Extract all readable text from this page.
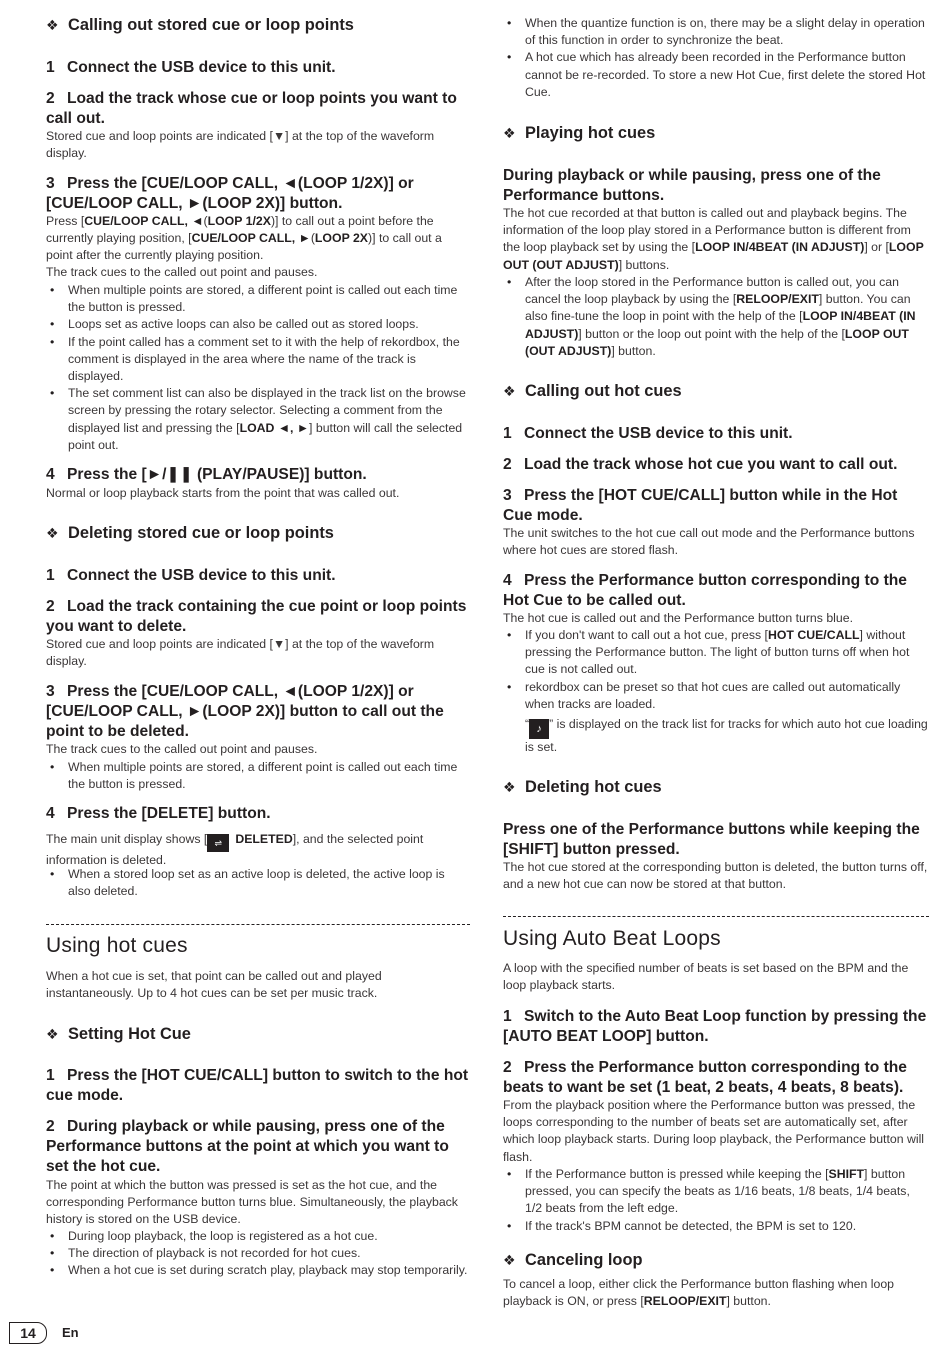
❖ Calling out stored cue or loop points
1 Connect the USB device to this unit.
2 Load the track whose cue or loop points you want to call out.
Stored cue and loop points are indicated [▼] at the top of the waveform display.
3 Press the [CUE/LOOP CALL, ◄(LOOP 1/2X)] or [CUE/LOOP CALL, ►(LOOP 2X)] button.
Press [CUE/LOOP CALL, ◄(LOOP 1/2X)] to call out a point before the currently playing position, [CUE/LOOP CALL, ►(LOOP 2X)] to call out a point after the currently playing position.
The track cues to the called out point and pauses.
• When multiple points are stored, a different point is called out each time the button is pressed.
• Loops set as active loops can also be called out as stored loops.
• If the point called has a comment set to it with the help of rekordbox, the comment is displayed in the area where the name of the track is displayed.
• The set comment list can also be displayed in the track list on the browse screen by pressing the rotary selector. Selecting a comment from the displayed list and pressing the [LOAD ◄, ►] button will call the selected point out.
4 Press the [►/❚❚ (PLAY/PAUSE)] button.
Normal or loop playback starts from the point that was called out.
❖ Deleting stored cue or loop points
1 Connect the USB device to this unit.
2 Load the track containing the cue point or loop points you want to delete.
Stored cue and loop points are indicated [▼] at the top of the waveform display.
3 Press the [CUE/LOOP CALL, ◄(LOOP 1/2X)] or [CUE/LOOP CALL, ►(LOOP 2X)] button to call out the point to be deleted.
The track cues to the called out point and pauses.
• When multiple points are stored, a different point is called out each time the button is pressed.
4 Press the [DELETE] button.
The main unit display shows [ ⇌ DELETED], and the selected point information is deleted.
• When a stored loop set as an active loop is deleted, the active loop is also deleted.
Using hot cues
When a hot cue is set, that point can be called out and played instantaneously. Up to 4 hot cues can be set per music track.
❖ Setting Hot Cue
1 Press the [HOT CUE/CALL] button to switch to the hot cue mode.
2 During playback or while pausing, press one of the Performance buttons at the point at which you want to set the hot cue.
The point at which the button was pressed is set as the hot cue, and the corresponding Performance button turns blue. Simultaneously, the playback history is stored on the USB device.
• During loop playback, the loop is registered as a hot cue.
• The direction of playback is not recorded for hot cues.
• When a hot cue is set during scratch play, playback may stop temporarily.
• When the quantize function is on, there may be a slight delay in operation of this function in order to synchronize the beat.
• A hot cue which has already been recorded in the Performance button cannot be re-recorded. To store a new Hot Cue, first delete the stored Hot Cue.
❖ Playing hot cues
During playback or while pausing, press one of the Performance buttons.
The hot cue recorded at that button is called out and playback begins. The information of the loop play stored in a Performance button is different from the loop playback set by using the [LOOP IN/4BEAT (IN ADJUST)] or [LOOP OUT (OUT ADJUST)] buttons.
• After the loop stored in the Performance button is called out, you can cancel the loop playback by using the [RELOOP/EXIT] button. You can also fine-tune the loop in point with the help of the [LOOP IN/4BEAT (IN ADJUST)] button or the loop out point with the help of the [LOOP OUT (OUT ADJUST)] button.
❖ Calling out hot cues
1 Connect the USB device to this unit.
2 Load the track whose hot cue you want to call out.
3 Press the [HOT CUE/CALL] button while in the Hot Cue mode.
The unit switches to the hot cue call out mode and the Performance buttons where hot cues are stored flash.
4 Press the Performance button corresponding to the Hot Cue to be called out.
The hot cue is called out and the Performance button turns blue.
• If you don't want to call out a hot cue, press [HOT CUE/CALL] without pressing the Performance button. The light of button turns off when hot cue is not called out.
• rekordbox can be preset so that hot cues are called out automatically when tracks are loaded.
“ ♪ ” is displayed on the track list for tracks for which auto hot cue loading is set.
❖ Deleting hot cues
Press one of the Performance buttons while keeping the [SHIFT] button pressed.
The hot cue stored at the corresponding button is deleted, the button turns off, and a new hot cue can now be stored at that button.
Using Auto Beat Loops
A loop with the specified number of beats is set based on the BPM and the loop playback starts.
1 Switch to the Auto Beat Loop function by pressing the [AUTO BEAT LOOP] button.
2 Press the Performance button corresponding to the beats to want be set (1 beat, 2 beats, 4 beats, 8 beats).
From the playback position where the Performance button was pressed, the loops corresponding to the number of beats set are automatically set, after which loop playback starts. During loop playback, the Performance button will flash.
• If the Performance button is pressed while keeping the [SHIFT] button pressed, you can specify the beats as 1/16 beats, 1/8 beats, 1/4 beats, 1/2 beats from the left edge.
• If the track's BPM cannot be detected, the BPM is set to 120.
❖ Canceling loop
To cancel a loop, either click the Performance button flashing when loop playback is ON, or press [RELOOP/EXIT] button.
14	En
